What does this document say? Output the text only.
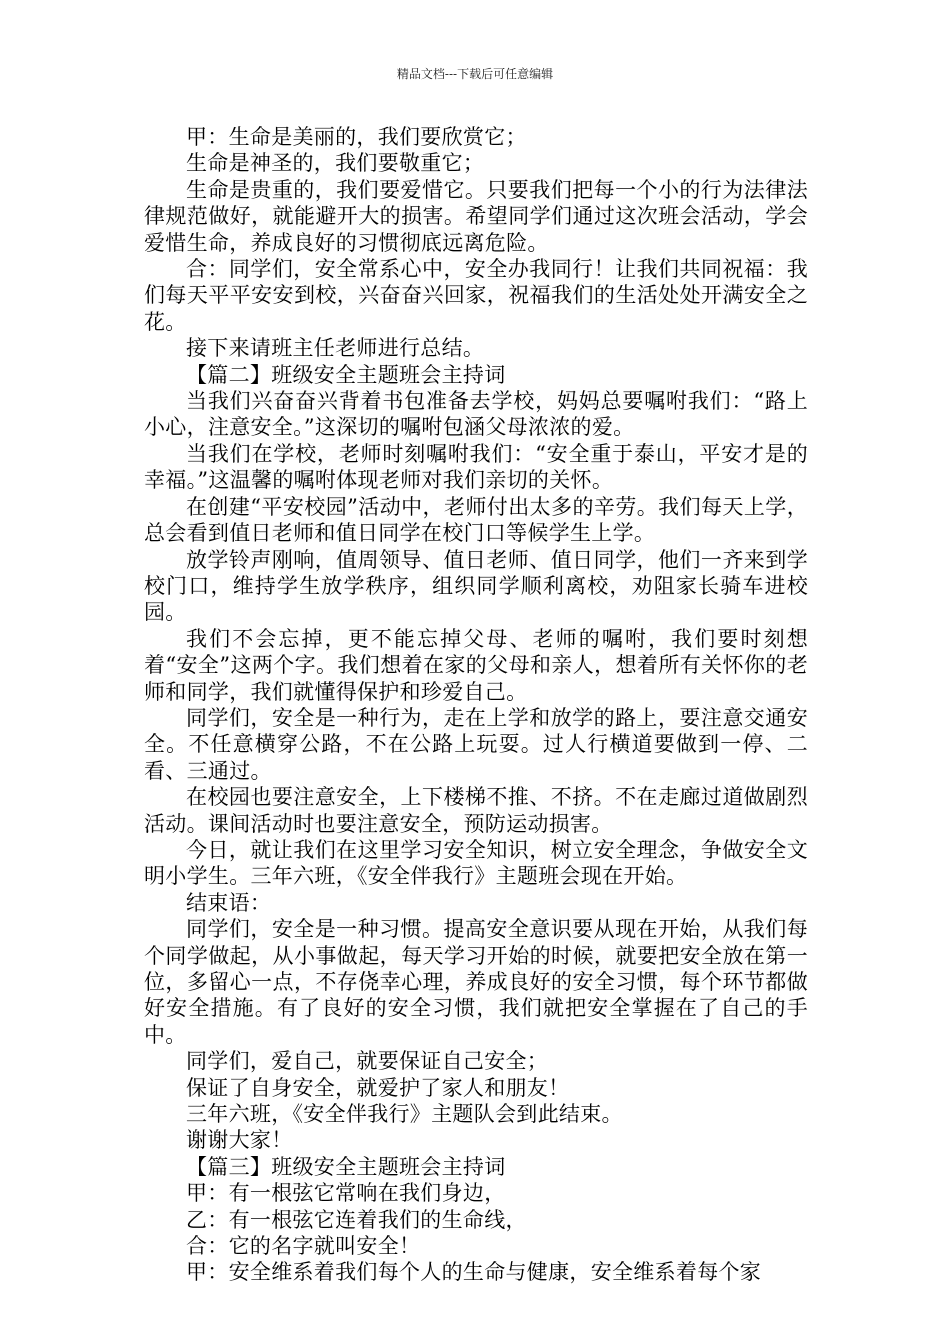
精品文档---下载后可任意编辑

甲：生命是美丽的，我们要欣赏它；

生命是神圣的，我们要敬重它；

生命是贵重的，我们要爱惜它。只要我们把每一个小的行为法律法律规范做好，就能避开大的损害。希望同学们通过这次班会活动，学会爱惜生命，养成良好的习惯彻底远离危险。

合：同学们，安全常系心中，安全办我同行！让我们共同祝福：我们每天平平安安到校，兴奋奋兴回家，祝福我们的生活处处开满安全之花。

接下来请班主任老师进行总结。

【篇二】班级安全主题班会主持词

当我们兴奋奋兴背着书包准备去学校，妈妈总要嘱咐我们：“路上小心，注意安全。”这深切的嘱咐包涵父母浓浓的爱。

当我们在学校，老师时刻嘱咐我们：“安全重于泰山，平安才是的幸福。”这温馨的嘱咐体现老师对我们亲切的关怀。

在创建“平安校园”活动中，老师付出太多的辛劳。我们每天上学，总会看到值日老师和值日同学在校门口等候学生上学。

放学铃声刚响，值周领导、值日老师、值日同学，他们一齐来到学校门口，维持学生放学秩序，组织同学顺利离校，劝阻家长骑车进校园。

我们不会忘掉，更不能忘掉父母、老师的嘱咐，我们要时刻想着“安全”这两个字。我们想着在家的父母和亲人，想着所有关怀你的老师和同学，我们就懂得保护和珍爱自己。

同学们，安全是一种行为，走在上学和放学的路上，要注意交通安全。不任意横穿公路，不在公路上玩耍。过人行横道要做到一停、二看、三通过。

在校园也要注意安全，上下楼梯不推、不挤。不在走廊过道做剧烈活动。课间活动时也要注意安全，预防运动损害。

今日，就让我们在这里学习安全知识，树立安全理念，争做安全文明小学生。三年六班，《安全伴我行》主题班会现在开始。

结束语：

同学们，安全是一种习惯。提高安全意识要从现在开始，从我们每个同学做起，从小事做起，每天学习开始的时候，就要把安全放在第一位，多留心一点，不存侥幸心理，养成良好的安全习惯，每个环节都做好安全措施。有了良好的安全习惯，我们就把安全掌握在了自己的手中。

同学们，爱自己，就要保证自己安全；

保证了自身安全，就爱护了家人和朋友！

三年六班，《安全伴我行》主题队会到此结束。

谢谢大家！

【篇三】班级安全主题班会主持词

甲：有一根弦它常响在我们身边，

乙：有一根弦它连着我们的生命线，

合：它的名字就叫安全！

甲：安全维系着我们每个人的生命与健康，安全维系着每个家
